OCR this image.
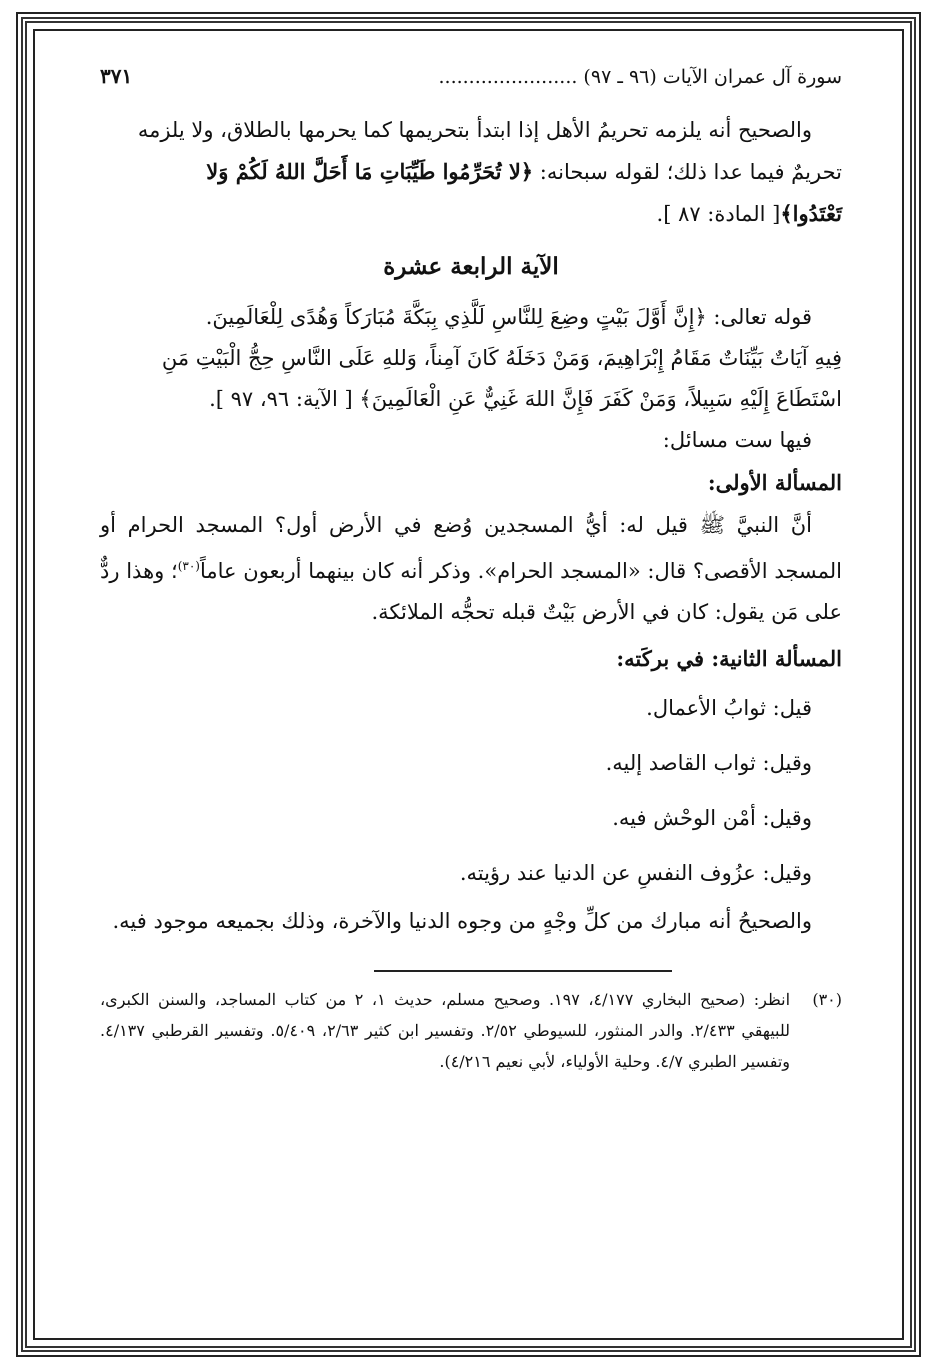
سورة آل عمران الآيات (٩٦ ـ ٩٧) .......................
٣٧١

والصحيح أنه يلزمه تحريمُ الأهل إذا ابتدأ بتحريمها كما يحرمها بالطلاق، ولا يلزمه

تحريمٌ فيما عدا ذلك؛ لقوله سبحانه: ﴿لا تُحَرِّمُوا طَيِّبَاتِ مَا أَحَلَّ اللهُ لَكُمْ وَلا

تَعْتَدُوا﴾[ المادة: ٨٧ ].

الآية الرابعة عشرة

قوله تعالى: ﴿إِنَّ أَوَّلَ بَيْتٍ وضِعَ لِلنَّاسِ لَلَّذِي بِبَكَّةَ مُبَارَكاً وَهُدًى لِلْعَالَمِينَ.

فِيهِ آيَاتٌ بَيِّنَاتٌ مَقَامُ إِبْرَاهِيمَ، وَمَنْ دَخَلَهُ كَانَ آمِناً، وَللهِ عَلَى النَّاسِ حِجُّ الْبَيْتِ مَنِ

اسْتَطَاعَ إِلَيْهِ سَبِيلاً، وَمَنْ كَفَرَ فَإِنَّ اللهَ غَنِيٌّ عَنِ الْعَالَمِينَ﴾ [ الآية: ٩٦، ٩٧ ].

فيها ست مسائل:

المسألة الأولى:

أنَّ النبيَّ ﷺ قيل له: أيُّ المسجدين وُضع في الأرض أول؟ المسجد الحرام أو المسجد الأقصى؟ قال: «المسجد الحرام». وذكر أنه كان بينهما أربعون عاماً$^{(٣٠)}$؛ وهذا ردٌّ على مَن يقول: كان في الأرض بَيْتٌ قبله تحجُّه الملائكة.

المسألة الثانية: في بركَته:

قيل: ثوابُ الأعمال.

وقيل: ثواب القاصد إليه.

وقيل: أمْن الوحْش فيه.

وقيل: عزُوف النفسِ عن الدنيا عند رؤيته.

والصحيحُ أنه مبارك من كلِّ وجْهٍ من وجوه الدنيا والآخرة، وذلك بجميعه موجود فيه.

(٣٠)
انظر: (صحيح البخاري ٤/١٧٧، ١٩٧. وصحيح مسلم، حديث ١، ٢ من كتاب المساجد، والسنن الكبرى، للبيهقي ٢/٤٣٣. والدر المنثور، للسيوطي ٢/٥٢. وتفسير ابن كثير ٢/٦٣، ٥/٤٠٩. وتفسير القرطبي ٤/١٣٧. وتفسير الطبري ٤/٧. وحلية الأولياء، لأبي نعيم ٤/٢١٦).
